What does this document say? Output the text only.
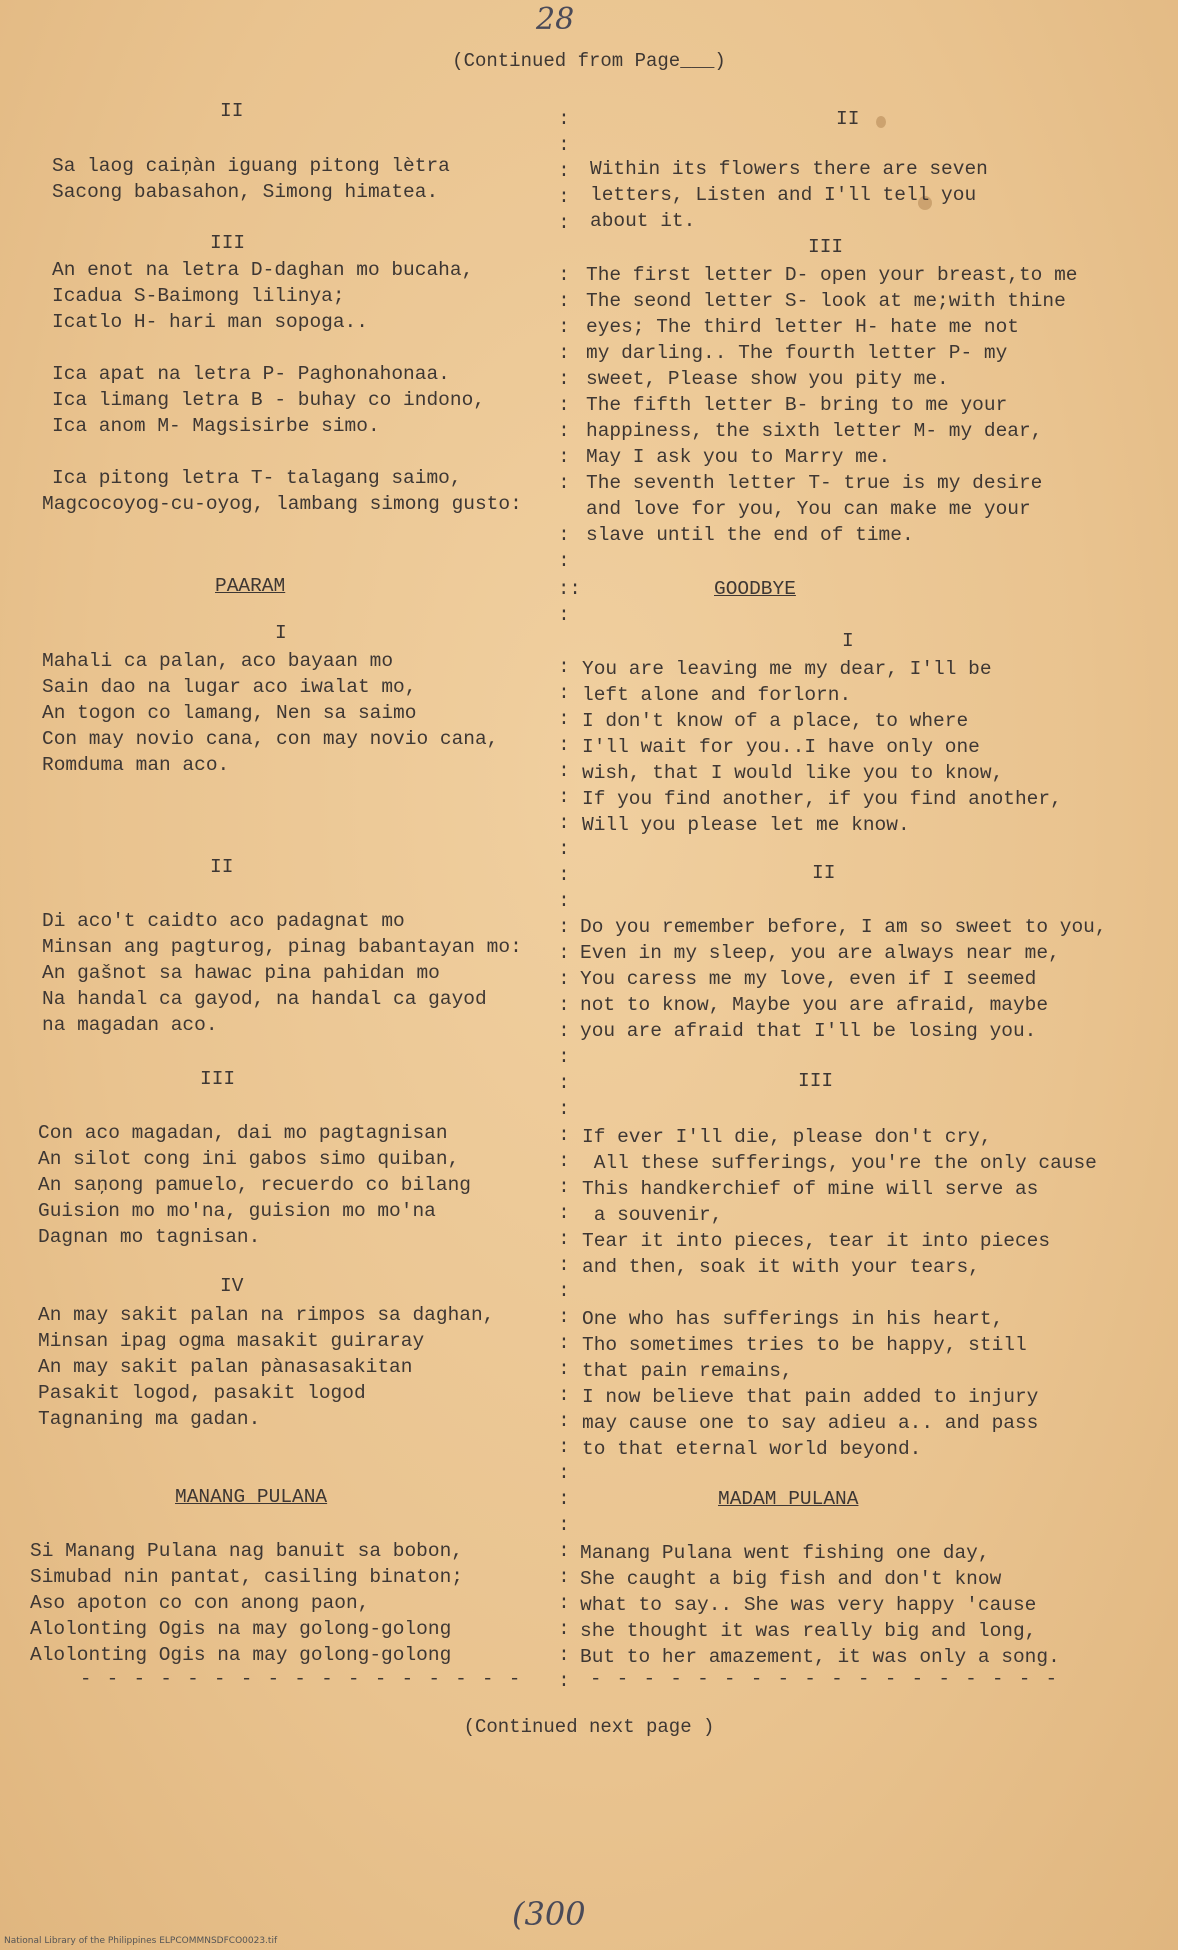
28
(Continued from Page___)
II
Sa laog caiņàn iguang pitong lètra
Sacong babasahon, Simong himatea.
III
An enot na letra D-daghan mo bucaha,
Icadua S-Baimong lilinya;
Icatlo H- hari man sopoga..
Ica apat na letra P- Paghonahonaa.
Ica limang letra B - buhay co indono,
Ica anom M- Magsisirbe simo.
Ica pitong letra T- talagang saimo,
Magcocoyog-cu-oyog, lambang simong gusto:
PAARAM
I
Mahali ca palan, aco bayaan mo
Sain dao na lugar aco iwalat mo,
An togon co lamang, Nen sa saimo
Con may novio cana, con may novio cana,
Romduma man aco.
II
Di aco't caidto aco padagnat mo
Minsan ang pagturog, pinag babantayan mo:
An gašnot sa hawac pina pahidan mo
Na handal ca gayod, na handal ca gayod
na magadan aco.
III
Con aco magadan, dai mo pagtagnisan
An silot cong ini gabos simo quiban,
An saņong pamuelo, recuerdo co bilang
Guision mo mo'na, guision mo mo'na
Dagnan mo tagnisan.
IV
An may sakit palan na rimpos sa daghan,
Minsan ipag ogma masakit guiraray
An may sakit palan pànasasakitan
Pasakit logod, pasakit logod
Tagnaning ma gadan.
MANANG PULANA
Si Manang Pulana nag banuit sa bobon,
Simubad nin pantat, casiling binaton;
Aso apoton co con anong paon,
Alolonting Ogis na may golong-golong
Alolonting Ogis na may golong-golong
- - - - - - - - - - - - - - - - -
:
:
:
:
:
:
:
:
:
:
:
:
:
:
:
:
::
:
:
:
:
:
:
:
:
:
:
:
:
:
:
:
:
:
:
:
:
:
:
:
:
:
:
:
:
:
:
:
:
:
:
:
:
:
:
:
:
:
II
Within its flowers there are seven
letters, Listen and I'll tell you
about it.
III
The first letter D- open your breast,to me
The seond letter S- look at me;with thine
eyes; The third letter H- hate me not
my darling.. The fourth letter P- my
sweet, Please show you pity me.
The fifth letter B- bring to me your
happiness, the sixth letter M- my dear,
May I ask you to Marry me.
The seventh letter T- true is my desire
and love for you, You can make me your
slave until the end of time.
GOODBYE
I
You are leaving me my dear, I'll be
left alone and forlorn.
I don't know of a place, to where
I'll wait for you..I have only one
wish, that I would like you to know,
If you find another, if you find another,
Will you please let me know.
II
Do you remember before, I am so sweet to you,
Even in my sleep, you are always near me,
You caress me my love, even if I seemed
not to know, Maybe you are afraid, maybe
you are afraid that I'll be losing you.
III
If ever I'll die, please don't cry,
All these sufferings, you're the only cause
This handkerchief of mine will serve as
a souvenir,
Tear it into pieces, tear it into pieces
and then, soak it with your tears,
One who has sufferings in his heart,
Tho sometimes tries to be happy, still
that pain remains,
I now believe that pain added to injury
may cause one to say adieu a.. and pass
to that eternal world beyond.
MADAM PULANA
Manang Pulana went fishing one day,
She caught a big fish and don't know
what to say.. She was very happy 'cause
she thought it was really big and long,
But to her amazement, it was only a song.
- - - - - - - - - - - - - - - - - -
(Continued next page )
(300
National Library of the Philippines ELPCOMMNSDFCO0023.tif
